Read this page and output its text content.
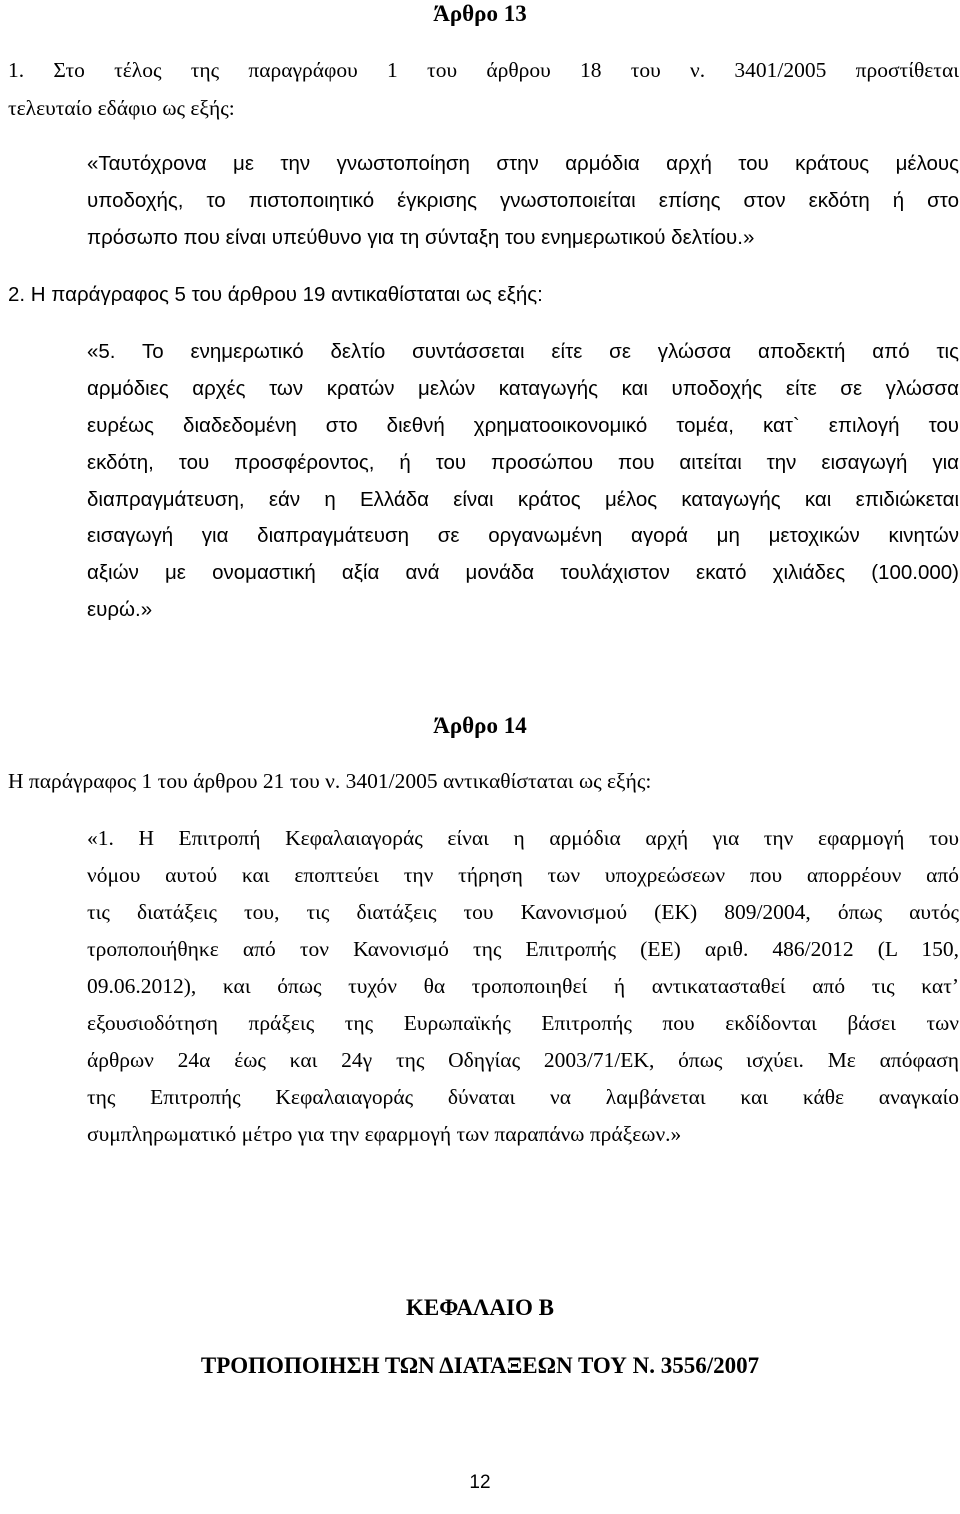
Άρθρο 13

1. Στο τέλος της παραγράφου 1 του άρθρου 18 του ν. 3401/2005 προστίθεται

τελευταίο εδάφιο ως εξής:

«Ταυτόχρονα με την γνωστοποίηση στην αρμόδια αρχή του κράτους μέλους

υποδοχής, το πιστοποιητικό έγκρισης γνωστοποιείται επίσης στον εκδότη ή στο

πρόσωπο που είναι υπεύθυνο για τη σύνταξη του ενημερωτικού δελτίου.»

2. Η παράγραφος 5 του άρθρου 19 αντικαθίσταται ως εξής:

«5. Το ενημερωτικό δελτίο συντάσσεται είτε σε γλώσσα αποδεκτή από τις

αρμόδιες αρχές των κρατών μελών καταγωγής και υποδοχής είτε σε γλώσσα

ευρέως διαδεδομένη στο διεθνή χρηματοοικονομικό τομέα, κατ` επιλογή του

εκδότη, του προσφέροντος, ή του προσώπου που αιτείται την εισαγωγή για

διαπραγμάτευση, εάν η Ελλάδα είναι κράτος μέλος καταγωγής και επιδιώκεται

εισαγωγή για διαπραγμάτευση σε οργανωμένη αγορά μη μετοχικών κινητών

αξιών με ονομαστική αξία ανά μονάδα τουλάχιστον εκατό χιλιάδες (100.000)

ευρώ.»

Άρθρο 14

Η παράγραφος 1 του άρθρου 21 του ν. 3401/2005 αντικαθίσταται ως εξής:

«1. Η Επιτροπή Κεφαλαιαγοράς είναι η αρμόδια αρχή για την εφαρμογή του

νόμου αυτού και εποπτεύει την τήρηση των υποχρεώσεων που απορρέουν από

τις διατάξεις του, τις διατάξεις του Κανονισμού (ΕΚ) 809/2004, όπως αυτός

τροποποιήθηκε από τον Κανονισμό της Επιτροπής (ΕΕ) αριθ. 486/2012 (L 150,

09.06.2012), και όπως τυχόν θα τροποποιηθεί ή αντικατασταθεί από τις κατ’

εξουσιοδότηση πράξεις της Ευρωπαϊκής Επιτροπής που εκδίδονται βάσει των

άρθρων 24α έως και 24γ της Οδηγίας 2003/71/ΕΚ, όπως ισχύει. Με απόφαση

της Επιτροπής Κεφαλαιαγοράς δύναται να λαμβάνεται και κάθε αναγκαίο

συμπληρωματικό μέτρο για την εφαρμογή των παραπάνω πράξεων.»

ΚΕΦΑΛΑΙΟ Β
ΤΡΟΠΟΠΟΙΗΣΗ ΤΩΝ ΔΙΑΤΑΞΕΩΝ ΤΟΥ Ν. 3556/2007
12
